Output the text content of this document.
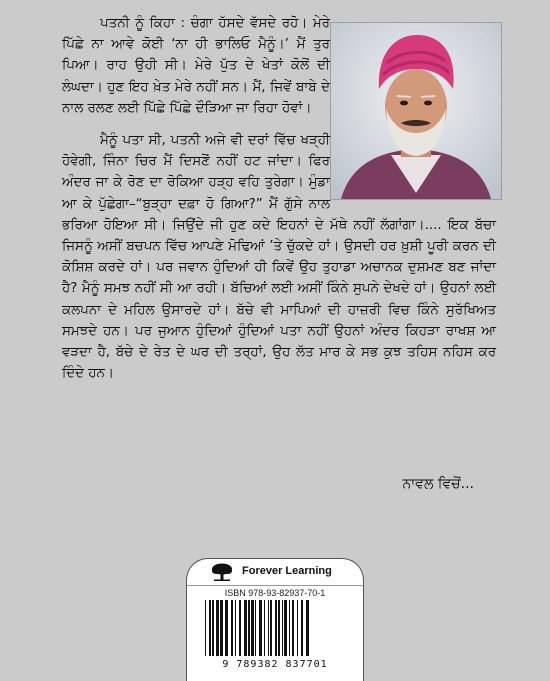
ਪਤਨੀ ਨੂੰ ਕਿਹਾ : ਚੰਗਾ ਹੱਸਦੇ ਵੱਸਦੇ ਰਹੋ। ਮੇਰੇ ਪਿੱਛੇ ਨਾ ਆਵੇ ਕੋਈ ‘ਨਾ ਹੀ ਭਾਲਿਓ ਮੈਨੂੰ।’ ਮੈਂ ਤੁਰ ਪਿਆ। ਰਾਹ ਉਹੀ ਸੀ। ਮੇਰੇ ਪੁੱਤ ਦੇ ਖੇਤਾਂ ਕੋਲੋਂ ਦੀ ਲੰਘਦਾ। ਹੁਣ ਇਹ ਖ਼ੇਤ ਮੇਰੇ ਨਹੀਂ ਸਨ। ਮੈਂ, ਜਿਵੇਂ ਬਾਬੇ ਦੇ ਨਾਲ ਰਲਣ ਲਈ ਪਿੱਛੇ ਪਿੱਛੇ ਦੌੜਿਆ ਜਾ ਰਿਹਾ ਹੋਵਾਂ।

ਮੈਨੂੰ ਪਤਾ ਸੀ, ਪਤਨੀ ਅਜੇ ਵੀ ਦਰਾਂ ਵਿੱਚ ਖੜ੍ਹੀ ਹੋਵੇਗੀ, ਜਿੰਨਾ ਚਿਰ ਮੈਂ ਦਿਸਣੋਂ ਨਹੀਂ ਹਟ ਜਾਂਦਾ। ਫਿਰ ਅੰਦਰ ਜਾ ਕੇ ਰੋਣ ਦਾ ਰੋਕਿਆ ਹੜ੍ਹ ਵਹਿ ਤੁਰੇਗਾ। ਮੁੰਡਾ ਆ ਕੇ ਪੁੱਛੇਗਾ–“ਬੁੜ੍ਹਾ ਦਫ਼ਾ ਹੋ ਗਿਆ?” ਮੈਂ ਗੁੱਸੇ ਨਾਲ ਭਰਿਆ ਹੋਇਆ ਸੀ। ਜਿਉਂਦੇ ਜੀ ਹੁਣ ਕਦੇ ਇਹਨਾਂ ਦੇ ਮੱਥੇ ਨਹੀਂ ਲੱਗਾਂਗਾ।.... ਇਕ ਬੱਚਾ ਜਿਸਨੂੰ ਅਸੀਂ ਬਚਪਨ ਵਿੱਚ ਆਪਣੇ ਮੋਢਿਆਂ ’ਤੇ ਚੁੱਕਦੇ ਹਾਂ। ਉਸਦੀ ਹਰ ਖ਼ੁਸ਼ੀ ਪੂਰੀ ਕਰਨ ਦੀ ਕੋਸ਼ਿਸ਼ ਕਰਦੇ ਹਾਂ। ਪਰ ਜਵਾਨ ਹੁੰਦਿਆਂ ਹੀ ਕਿਵੇਂ ਉਹ ਤੁਹਾਡਾ ਅਚਾਨਕ ਦੁਸ਼ਮਣ ਬਣ ਜਾਂਦਾ ਹੈ? ਮੈਨੂੰ ਸਮਝ ਨਹੀਂ ਸੀ ਆ ਰਹੀ। ਬੱਚਿਆਂ ਲਈ ਅਸੀਂ ਕਿੰਨੇ ਸੁਪਨੇ ਦੇਖਦੇ ਹਾਂ। ਉਹਨਾਂ ਲਈ ਕਲਪਨਾ ਦੇ ਮਹਿਲ ਉਸਾਰਦੇ ਹਾਂ। ਬੱਚੇ ਵੀ ਮਾਪਿਆਂ ਦੀ ਹਾਜ਼ਰੀ ਵਿਚ ਕਿੰਨੇ ਸੁਰੱਖਿਅਤ ਸਮਝਦੇ ਹਨ। ਪਰ ਜੁਆਨ ਹੁੰਦਿਆਂ ਹੁੰਦਿਆਂ ਪਤਾ ਨਹੀਂ ਉਹਨਾਂ ਅੰਦਰ ਕਿਹੜਾ ਰਾਖਸ਼ ਆ ਵੜਦਾ ਹੈ, ਬੱਚੇ ਦੇ ਰੇਤ ਦੇ ਘਰ ਦੀ ਤਰ੍ਹਾਂ, ਉਹ ਲੱਤ ਮਾਰ ਕੇ ਸਭ ਕੁਝ ਤਹਿਸ ਨਹਿਸ ਕਰ ਦਿੰਦੇ ਹਨ।

ਨਾਵਲ ਵਿਚੋਂ...
Forever Learning
ISBN 978-93-82937-70-1
9 789382 837701
